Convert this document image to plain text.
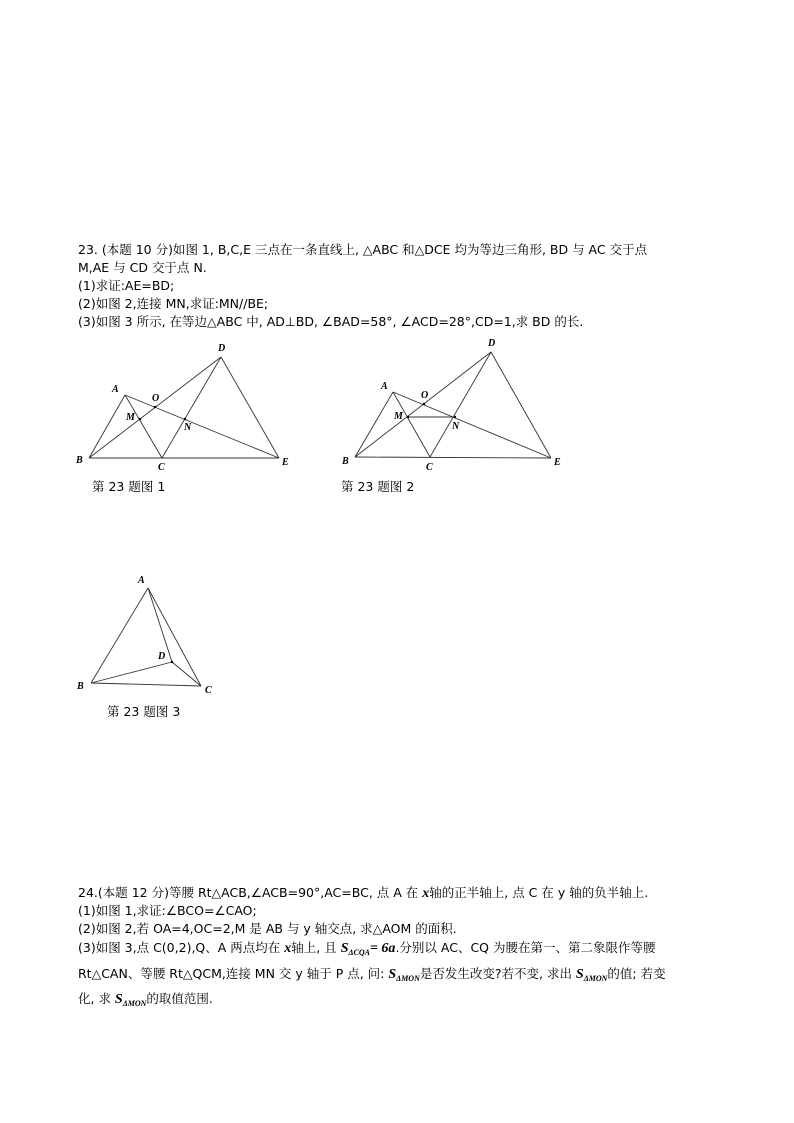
23. (本题 10 分)如图 1, B,C,E 三点在一条直线上, △ABC 和△DCE 均为等边三角形, BD 与 AC 交于点
M,AE 与 CD 交于点 N.
(1)求证:AE=BD;
(2)如图 2,连接 MN,求证:MN//BE;
(3)如图 3 所示, 在等边△ABC 中, AD⊥BD, ∠BAD=58°, ∠ACD=28°,CD=1,求 BD 的长.
A
B
C
D
E
M
N
O
第 23 题图 1
A
B
C
D
E
M
N
O
第 23 题图 2
A
B	C
D
第 23 题图 3
24.(本题 12 分)等腰 Rt△ACB,∠ACB=90°,AC=BC, 点 A 在 x轴的正半轴上, 点 C 在 y 轴的负半轴上.
(1)如图 1,求证:∠BCO=∠CAO;
(2)如图 2,若 OA=4,OC=2,M 是 AB 与 y 轴交点, 求△AOM 的面积.
(3)如图 3,点 C(0,2),Q、A 两点均在 x轴上, 且 $S_{\Delta CQA}= 6a$.分别以 AC、CQ 为腰在第一、第二象限作等腰
Rt△CAN、等腰 Rt△QCM,连接 MN 交 y 轴于 P 点, 问: $S_{\Delta MON}$是否发生改变?若不变, 求出 $S_{\Delta MON}$的值; 若变
化, 求 $S_{\Delta MON}$的取值范围.
